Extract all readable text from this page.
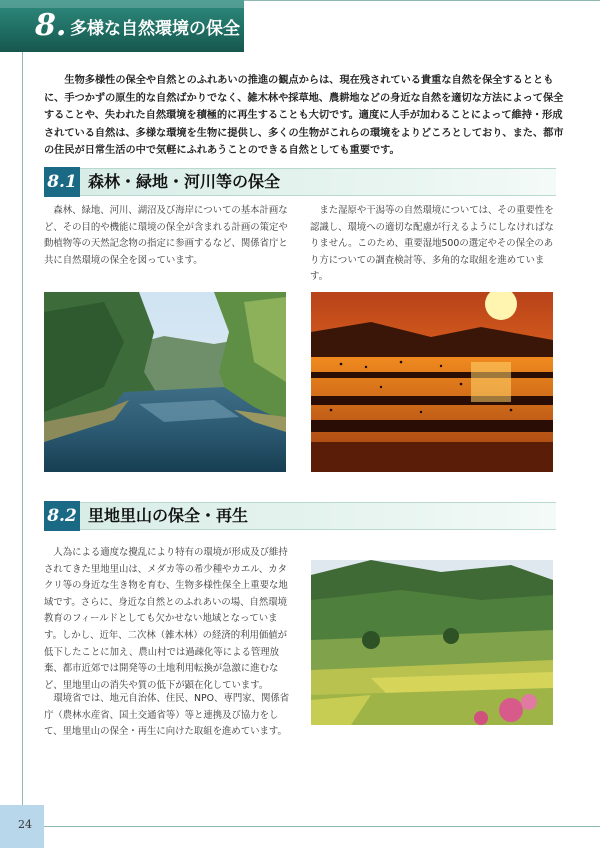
8. 多様な自然環境の保全・再生
生物多様性の保全や自然とのふれあいの推進の観点からは、現在残されている貴重な自然を保全するとともに、手つかずの原生的な自然ばかりでなく、雑木林や採草地、農耕地などの身近な自然を適切な方法によって保全することや、失われた自然環境を積極的に再生することも大切です。適度に人手が加わることによって維持・形成されている自然は、多様な環境を生物に提供し、多くの生物がこれらの環境をよりどころとしており、また、都市の住民が日常生活の中で気軽にふれあうことのできる自然としても重要です。
8.1 森林・緑地・河川等の保全
森林、緑地、河川、湖沼及び海岸についての基本計画など、その目的や機能に環境の保全が含まれる計画の策定や動植物等の天然記念物の指定に参画するなど、関係省庁と共に自然環境の保全を図っています。
また湿原や干潟等の自然環境については、その重要性を認識し、環境への適切な配慮が行えるようにしなければなりません。このため、重要湿地500の選定やその保全のあり方についての調査検討等、多角的な取組を進めています。
8.2 里地里山の保全・再生
人為による適度な攪乱により特有の環境が形成及び維持されてきた里地里山は、メダカ等の希少種やカエル、カタクリ等の身近な生き物を育む、生物多様性保全上重要な地域です。さらに、身近な自然とのふれあいの場、自然環境教育のフィールドとしても欠かせない地域となっています。しかし、近年、二次林（雑木林）の経済的利用価値が低下したことに加え、農山村では過疎化等による管理放棄、都市近郊では開発等の土地利用転換が急激に進むなど、里地里山の消失や質の低下が顕在化しています。
環境省では、地元自治体、住民、NPO、専門家、関係省庁（農林水産省、国土交通省等）等と連携及び協力をして、里地里山の保全・再生に向けた取組を進めています。
24
